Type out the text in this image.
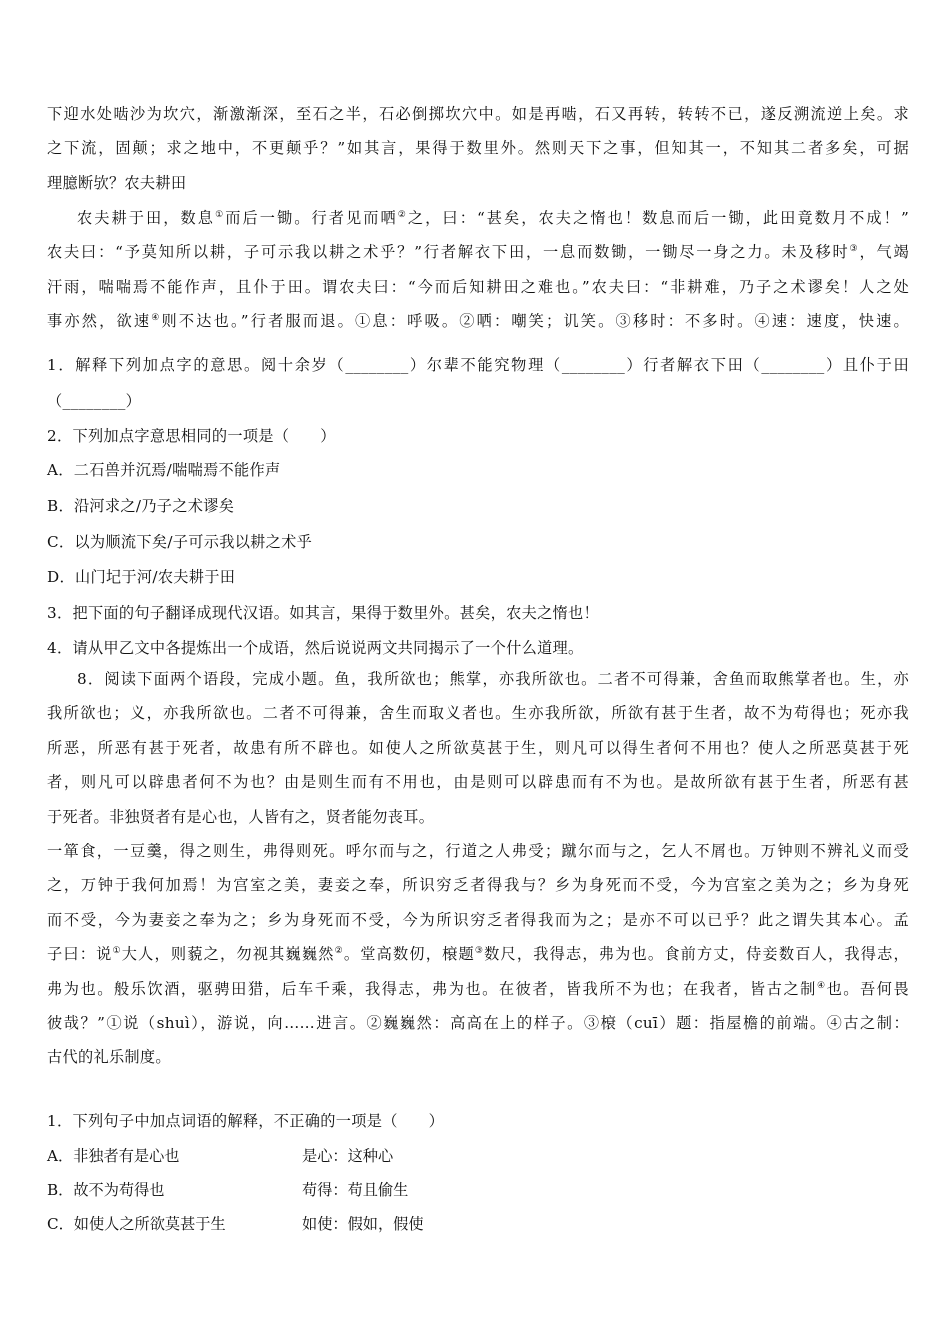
下迎水处啮沙为坎穴，渐激渐深，至石之半，石必倒掷坎穴中。如是再啮，石又再转，转转不已，遂反溯流逆上矣。求
之下流，固颠；求之地中，不更颠乎？”如其言，果得于数里外。然则天下之事，但知其一，不知其二者多矣，可据
理臆断欤？农夫耕田
农夫耕于田，数息①而后一锄。行者见而哂②之，曰：“甚矣，农夫之惰也！数息而后一锄，此田竟数月不成！”
农夫曰：“予莫知所以耕，子可示我以耕之术乎？”行者解衣下田，一息而数锄，一锄尽一身之力。未及移时③，气竭
汗雨，喘喘焉不能作声，且仆于田。谓农夫曰：“今而后知耕田之难也。”农夫曰：“非耕难，乃子之术谬矣！人之处
事亦然，欲速④则不达也。”行者服而退。①息：呼吸。②哂：嘲笑；讥笑。③移时：不多时。④速：速度，快速。
1．解释下列加点字的意思。阅十余岁（________）尔辈不能究物理（________）行者解衣下田（________）且仆于田
（________）
2．下列加点字意思相同的一项是（　　）
A．二石兽并沉焉/喘喘焉不能作声
B．沿河求之/乃子之术谬矣
C．以为顺流下矣/子可示我以耕之术乎
D．山门圮于河/农夫耕于田
3．把下面的句子翻译成现代汉语。如其言，果得于数里外。甚矣，农夫之惰也！
4．请从甲乙文中各提炼出一个成语，然后说说两文共同揭示了一个什么道理。
8．阅读下面两个语段，完成小题。鱼，我所欲也；熊掌，亦我所欲也。二者不可得兼，舍鱼而取熊掌者也。生，亦
我所欲也；义，亦我所欲也。二者不可得兼，舍生而取义者也。生亦我所欲，所欲有甚于生者，故不为苟得也；死亦我
所恶，所恶有甚于死者，故患有所不辟也。如使人之所欲莫甚于生，则凡可以得生者何不用也？使人之所恶莫甚于死
者，则凡可以辟患者何不为也？由是则生而有不用也，由是则可以辟患而有不为也。是故所欲有甚于生者，所恶有甚
于死者。非独贤者有是心也，人皆有之，贤者能勿丧耳。
一箪食，一豆羹，得之则生，弗得则死。呼尔而与之，行道之人弗受；蹴尔而与之，乞人不屑也。万钟则不辨礼义而受
之，万钟于我何加焉！为宫室之美，妻妾之奉，所识穷乏者得我与？乡为身死而不受，今为宫室之美为之；乡为身死
而不受，今为妻妾之奉为之；乡为身死而不受，今为所识穷乏者得我而为之；是亦不可以已乎？此之谓失其本心。孟
子曰：说①大人，则藐之，勿视其巍巍然②。堂高数仞，榱题③数尺，我得志，弗为也。食前方丈，侍妾数百人，我得志，
弗为也。般乐饮酒，驱骋田猎，后车千乘，我得志，弗为也。在彼者，皆我所不为也；在我者，皆古之制④也。吾何畏
彼哉？”①说（shuì），游说，向……进言。②巍巍然：高高在上的样子。③榱（cuī）题：指屋檐的前端。④古之制：
古代的礼乐制度。
1．下列句子中加点词语的解释，不正确的一项是（　　）
A．非独者有是心也	是心：这种心
B．故不为苟得也	苟得：苟且偷生
C．如使人之所欲莫甚于生	如使：假如，假使
